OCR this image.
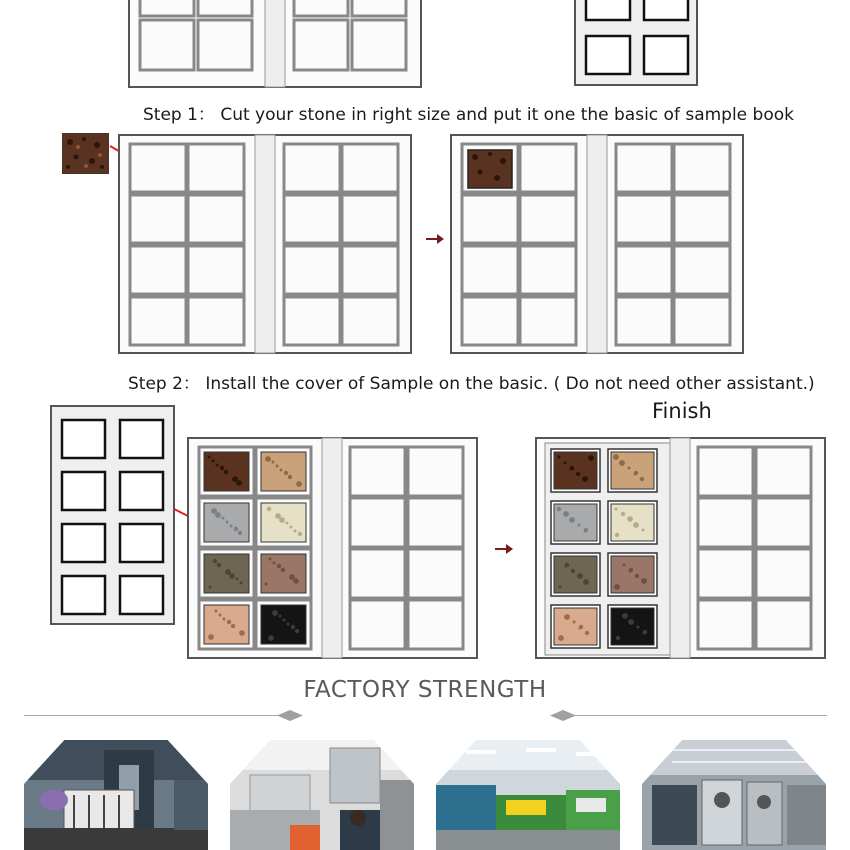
Step 1： Cut your stone in right size and put it one the basic of sample book
Step 2： Install the cover of Sample on the basic. ( Do not need other assistant.)
Finish
FACTORY STRENGTH
